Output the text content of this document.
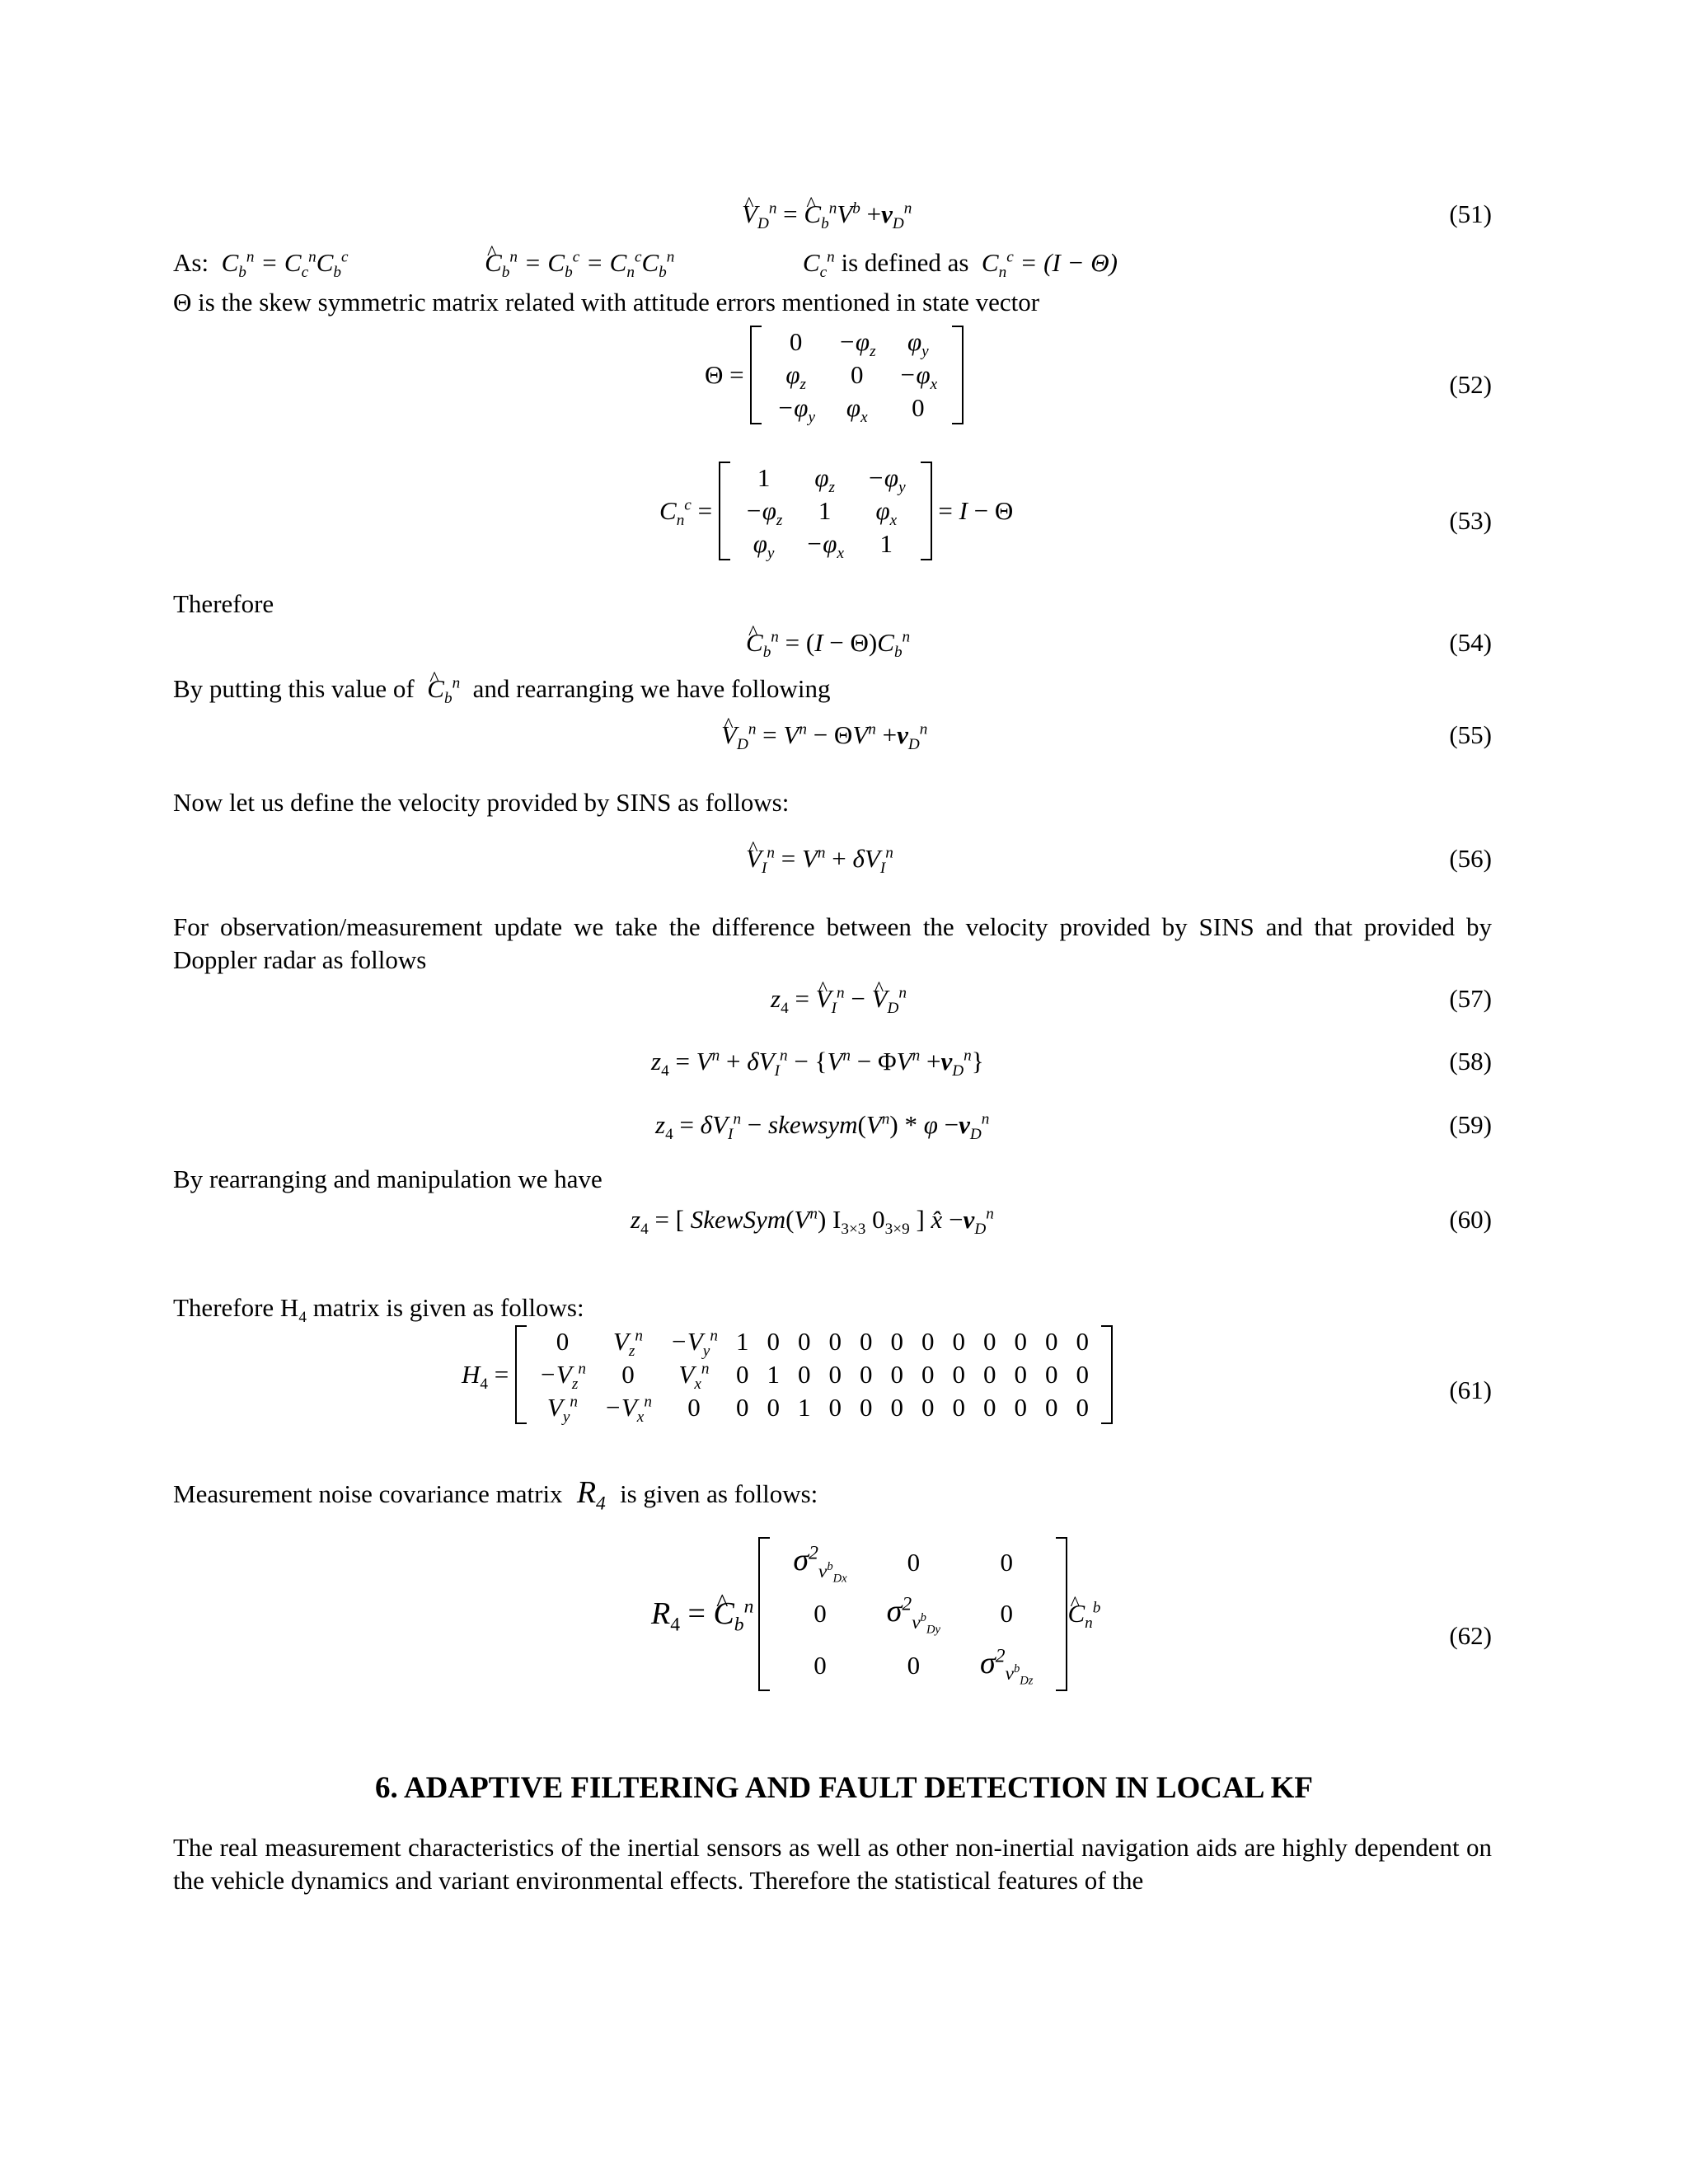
^ $V_D^n$ = ^ $C_b^nV^b +\nu_D^n$	(51)
As:  $C_b^n = C_c^nC_b^c$	^ $C_b^n = C_b^c = C_n^cC_b^n$	$C_c^n$ is defined as  $C_n^c = (I - \Theta)$
Θ is the skew symmetric matrix related with attitude errors mentioned in state vector
Θ =
0	$-\varphi_z$	$\varphi_y$
$\varphi_z$	0	$-\varphi_x$
$-\varphi_y$	$\varphi_x$	0
(52)
$C_n^c$ =
1	$\varphi_z$	$-\varphi_y$
$-\varphi_z$	1	$\varphi_x$
$\varphi_y$	$-\varphi_x$	1
= I − Θ	(53)
Therefore
^ $C_b^n = (I - \Theta)C_b^n$	(54)
By putting this value of ^ $C_b^n$ and rearranging we have following
^ $V_D^n = V^n - \Theta V^n +\nu_D^n$	(55)
Now let us define the velocity provided by SINS as follows:
^ $V_I^n = V^n + \delta V_I^n$	(56)

For observation/measurement update we take the difference between the velocity provided by SINS and that provided by Doppler radar as follows

$z_4$ = ^ $V_I^n$ − ^ $V_D^n$	(57)
$z_4 = V^n + \delta V_I^n - \{V^n - \Phi V^n +\nu_D^n\}$	(58)
$z_4 = \delta V_I^n$ − $skewsym(V^n) * \varphi -\nu_D^n$	(59)
By rearranging and manipulation we have
$z_4$ = [ $SkewSym(V^n)$ $I_{3\times 3}$ $0_{3\times 9}$ ] x̂ $-\nu_D^n$	(60)
Therefore $H_4$ matrix is given as follows:
$H_4$ =
0	$V_z^n$	$-V_y^n$	1	0	0	0	0	0	0	0	0	0	0	0
$-V_z^n$	0	$V_x^n$	0	1	0	0	0	0	0	0	0	0	0	0
$V_y^n$	$-V_x^n$	0	0	0	1	0	0	0	0	0	0	0	0	0
(61)
Measurement noise covariance matrix  $R_4$ is given as follows:
$R_4$ = ^ $C_b^n$
$\sigma^2_{\nu^b_{Dx}}$	0	0
0	$\sigma^2_{\nu^b_{Dy}}$	0
0	0	$\sigma^2_{\nu^b_{Dz}}$
^ $C_n^b$
(62)
6. ADAPTIVE FILTERING AND FAULT DETECTION IN LOCAL KF

The real measurement characteristics of the inertial sensors as well as other non-inertial navigation aids are highly dependent on the vehicle dynamics and variant environmental effects. Therefore the statistical features of the
